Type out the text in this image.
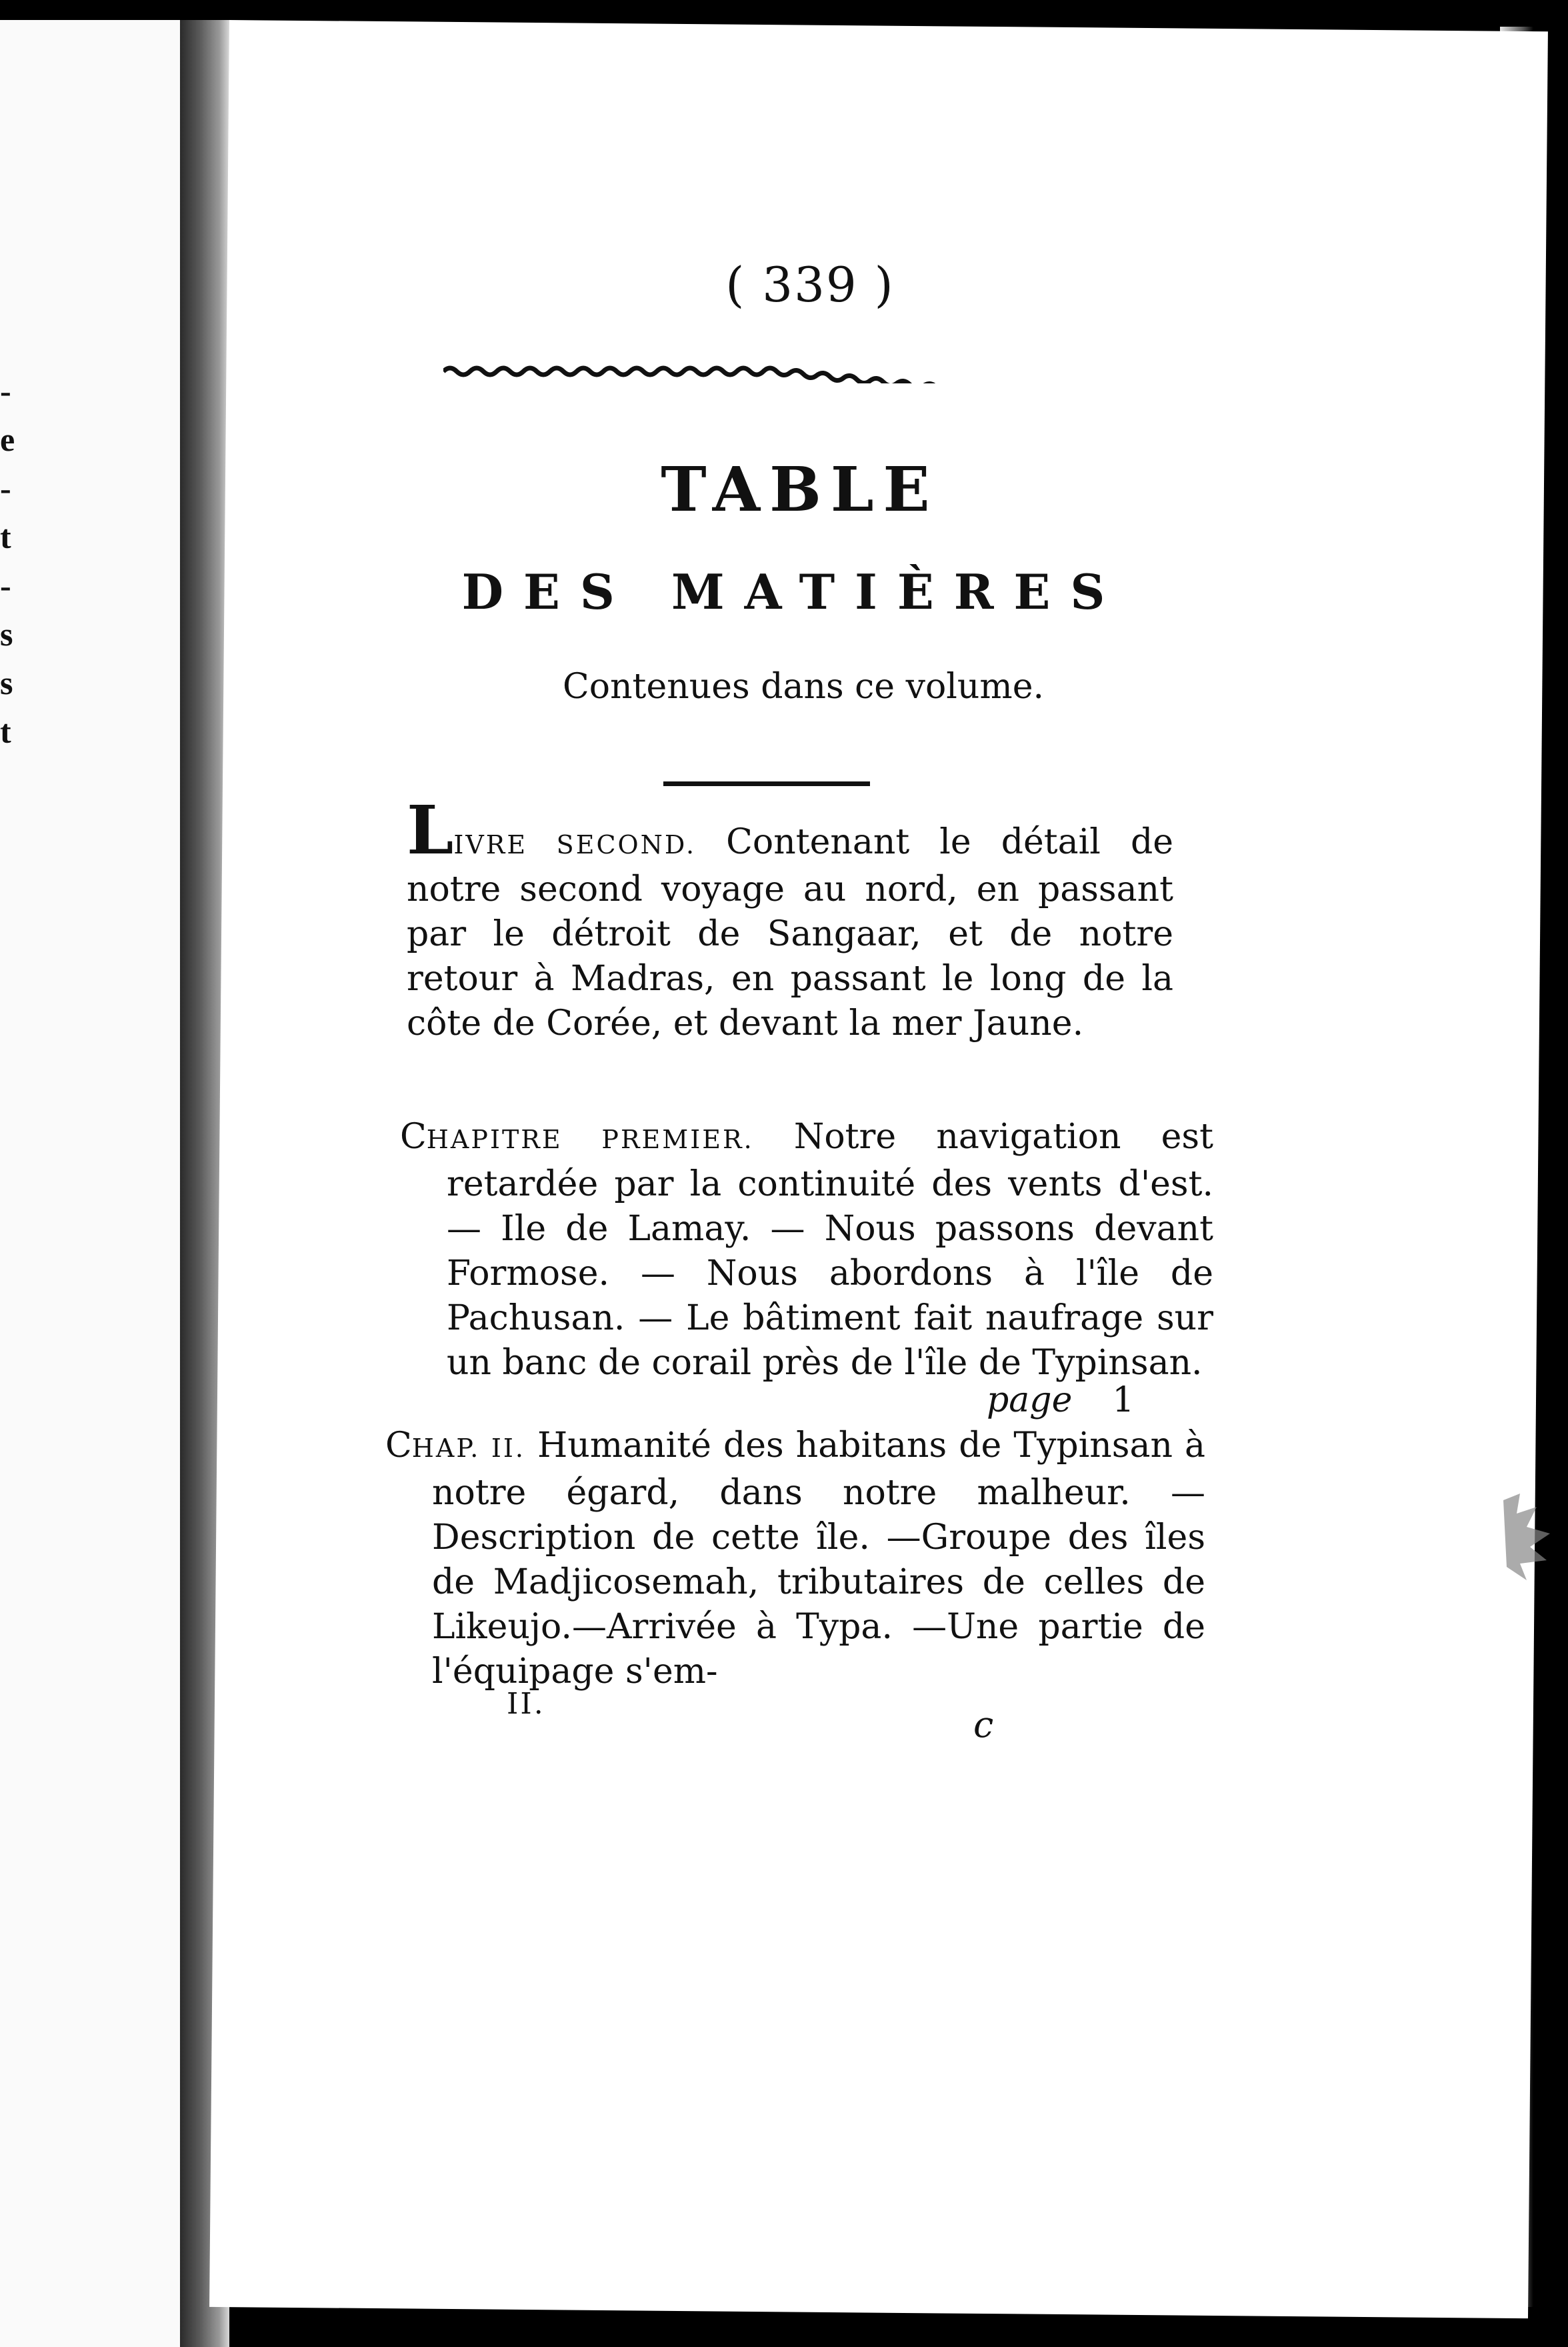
-
e
-
t
-
s
s
t
( 339 )
TABLE
DES MATIÈRES
Contenues dans ce volume.

LIVRE SECOND. Contenant le détail de notre second voyage au nord, en passant par le détroit de Sangaar, et de notre retour à Madras, en passant le long de la côte de Corée, et devant la mer Jaune.

CHAPITRE PREMIER. Notre navigation est retardée par la continuité des vents d'est. — Ile de Lamay. — Nous passons devant Formose. — Nous abordons à l'île de Pachusan. — Le bâtiment fait naufrage sur un banc de corail près de l'île de Typinsan.

page 1

CHAP. II. Humanité des habitans de Typinsan à notre égard, dans notre malheur. — Description de cette île. —Groupe des îles de Madjicosemah, tributaires de celles de Likeujo.—Arrivée à Typa. —Une partie de l'équipage s'em-

II.	c
